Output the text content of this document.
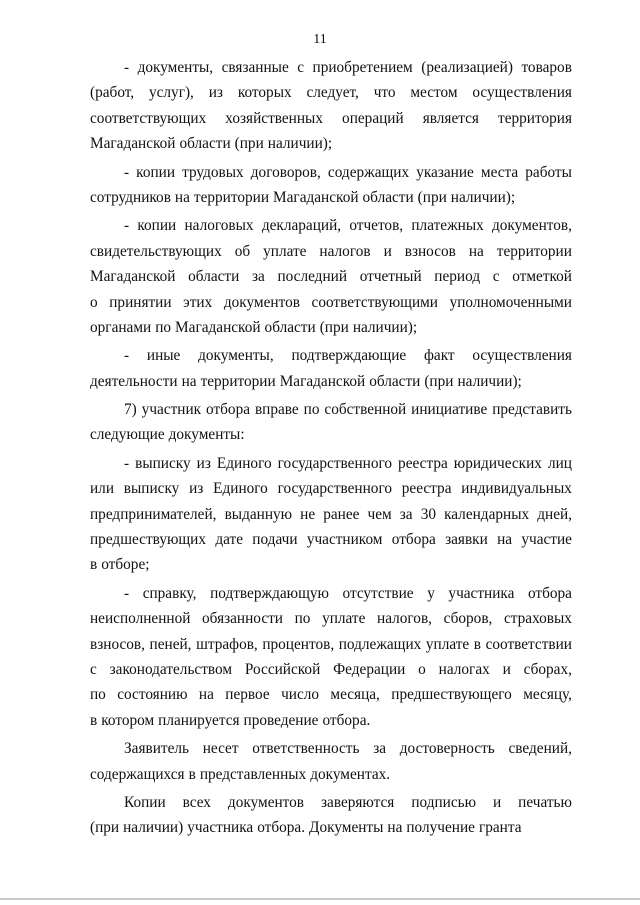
11
- документы, связанные с приобретением (реализацией) товаров
(работ, услуг), из которых следует, что местом осуществления
соответствующих хозяйственных операций является территория
Магаданской области (при наличии);
- копии трудовых договоров, содержащих указание места работы
сотрудников на территории Магаданской области (при наличии);
- копии налоговых деклараций, отчетов, платежных документов,
свидетельствующих об уплате налогов и взносов на территории
Магаданской области за последний отчетный период с отметкой
о принятии этих документов соответствующими уполномоченными
органами по Магаданской области (при наличии);
- иные документы, подтверждающие факт осуществления
деятельности на территории Магаданской области (при наличии);
7) участник отбора вправе по собственной инициативе представить
следующие документы:
- выписку из Единого государственного реестра юридических лиц
или выписку из Единого государственного реестра индивидуальных
предпринимателей, выданную не ранее чем за 30 календарных дней,
предшествующих дате подачи участником отбора заявки на участие
в отборе;
- справку, подтверждающую отсутствие у участника отбора
неисполненной обязанности по уплате налогов, сборов, страховых
взносов, пеней, штрафов, процентов, подлежащих уплате в соответствии
с законодательством Российской Федерации о налогах и сборах,
по состоянию на первое число месяца, предшествующего месяцу,
в котором планируется проведение отбора.
Заявитель несет ответственность за достоверность сведений,
содержащихся в представленных документах.
Копии всех документов заверяются подписью и печатью
(при наличии) участника отбора. Документы на получение гранта
